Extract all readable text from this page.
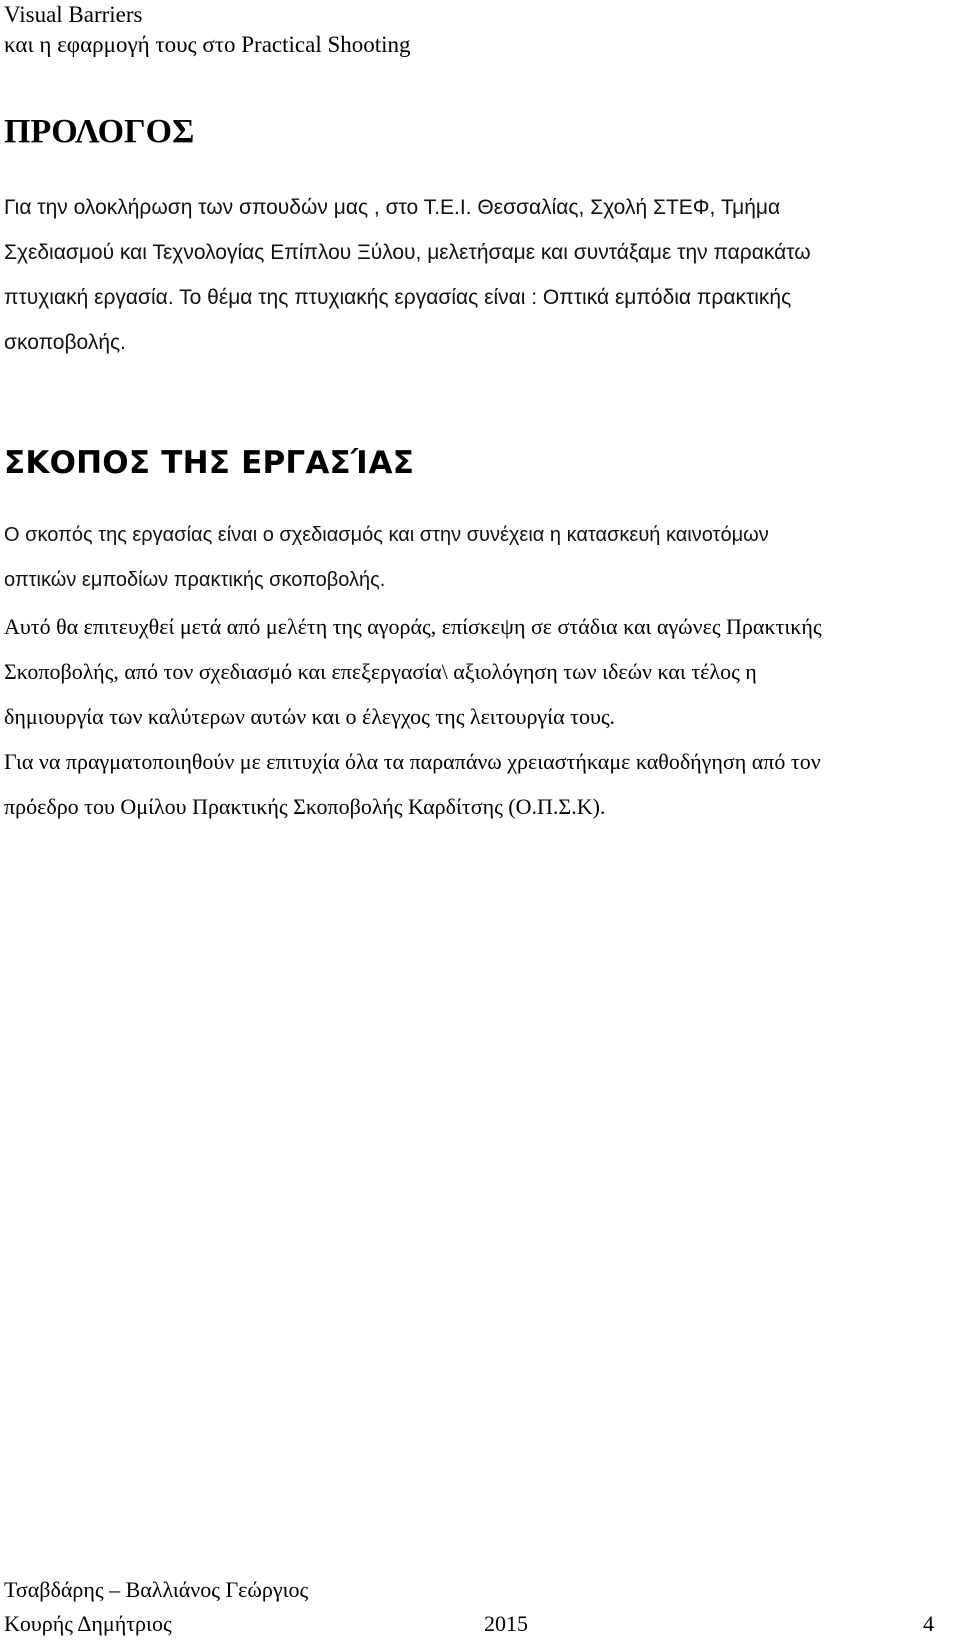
Visual Barriers
και η εφαρμογή τους στο Practical Shooting
ΠΡΟΛΟΓΟΣ
Για την ολοκλήρωση των σπουδών μας , στο Τ.Ε.Ι. Θεσσαλίας, Σχολή ΣΤΕΦ, Τμήμα
Σχεδιασμού και Τεχνολογίας Επίπλου Ξύλου, μελετήσαμε και συντάξαμε την παρακάτω
πτυχιακή εργασία. Το θέμα της πτυχιακής εργασίας είναι : Οπτικά εμπόδια πρακτικής
σκοποβολής.
ΣΚΟΠΟΣ ΤΗΣ ΕΡΓΑΣΊΑΣ
Ο σκοπός της εργασίας είναι ο σχεδιασμός και στην συνέχεια η κατασκευή καινοτόμων
οπτικών εμποδίων πρακτικής σκοποβολής.
Αυτό θα επιτευχθεί μετά από μελέτη της αγοράς, επίσκεψη σε στάδια και αγώνες Πρακτικής
Σκοποβολής, από τον σχεδιασμό και επεξεργασία\ αξιολόγηση των ιδεών και τέλος η
δημιουργία των καλύτερων αυτών και ο έλεγχος της λειτουργία τους.
Για να πραγματοποιηθούν με επιτυχία όλα τα παραπάνω χρειαστήκαμε καθοδήγηση από τον
πρόεδρο του Ομίλου Πρακτικής Σκοποβολής Καρδίτσης (Ο.Π.Σ.Κ).
Τσαβδάρης – Βαλλιάνος Γεώργιος
Κουρής Δημήτριος	2015	4
